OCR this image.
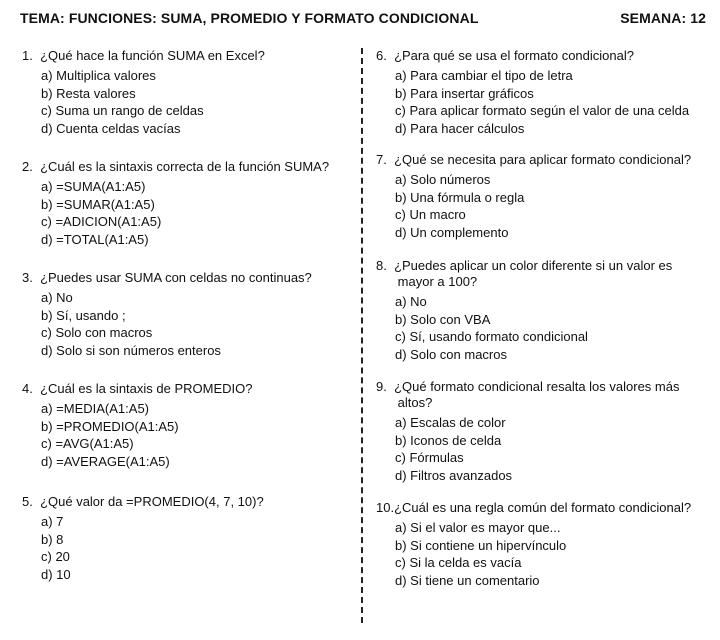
TEMA: FUNCIONES: SUMA, PROMEDIO Y FORMATO CONDICIONAL	SEMANA: 12
1.  ¿Qué hace la función SUMA en Excel?
a) Multiplica valores
b) Resta valores
c) Suma un rango de celdas
d) Cuenta celdas vacías
2.  ¿Cuál es la sintaxis correcta de la función SUMA?
a) =SUMA(A1:A5)
b) =SUMAR(A1:A5)
c) =ADICION(A1:A5)
d) =TOTAL(A1:A5)
3.  ¿Puedes usar SUMA con celdas no continuas?
a) No
b) Sí, usando ;
c) Solo con macros
d) Solo si son números enteros
4.  ¿Cuál es la sintaxis de PROMEDIO?
a) =MEDIA(A1:A5)
b) =PROMEDIO(A1:A5)
c) =AVG(A1:A5)
d) =AVERAGE(A1:A5)
5.  ¿Qué valor da =PROMEDIO(4, 7, 10)?
a) 7
b) 8
c) 20
d) 10
6.  ¿Para qué se usa el formato condicional?
a) Para cambiar el tipo de letra
b) Para insertar gráficos
c) Para aplicar formato según el valor de una celda
d) Para hacer cálculos
7.  ¿Qué se necesita para aplicar formato condicional?
a) Solo números
b) Una fórmula o regla
c) Un macro
d) Un complemento
8.  ¿Puedes aplicar un color diferente si un valor es
mayor a 100?
a) No
b) Solo con VBA
c) Sí, usando formato condicional
d) Solo con macros
9.  ¿Qué formato condicional resalta los valores más
altos?
a) Escalas de color
b) Iconos de celda
c) Fórmulas
d) Filtros avanzados
10.¿Cuál es una regla común del formato condicional?
a) Si el valor es mayor que...
b) Si contiene un hipervínculo
c) Si la celda es vacía
d) Si tiene un comentario
